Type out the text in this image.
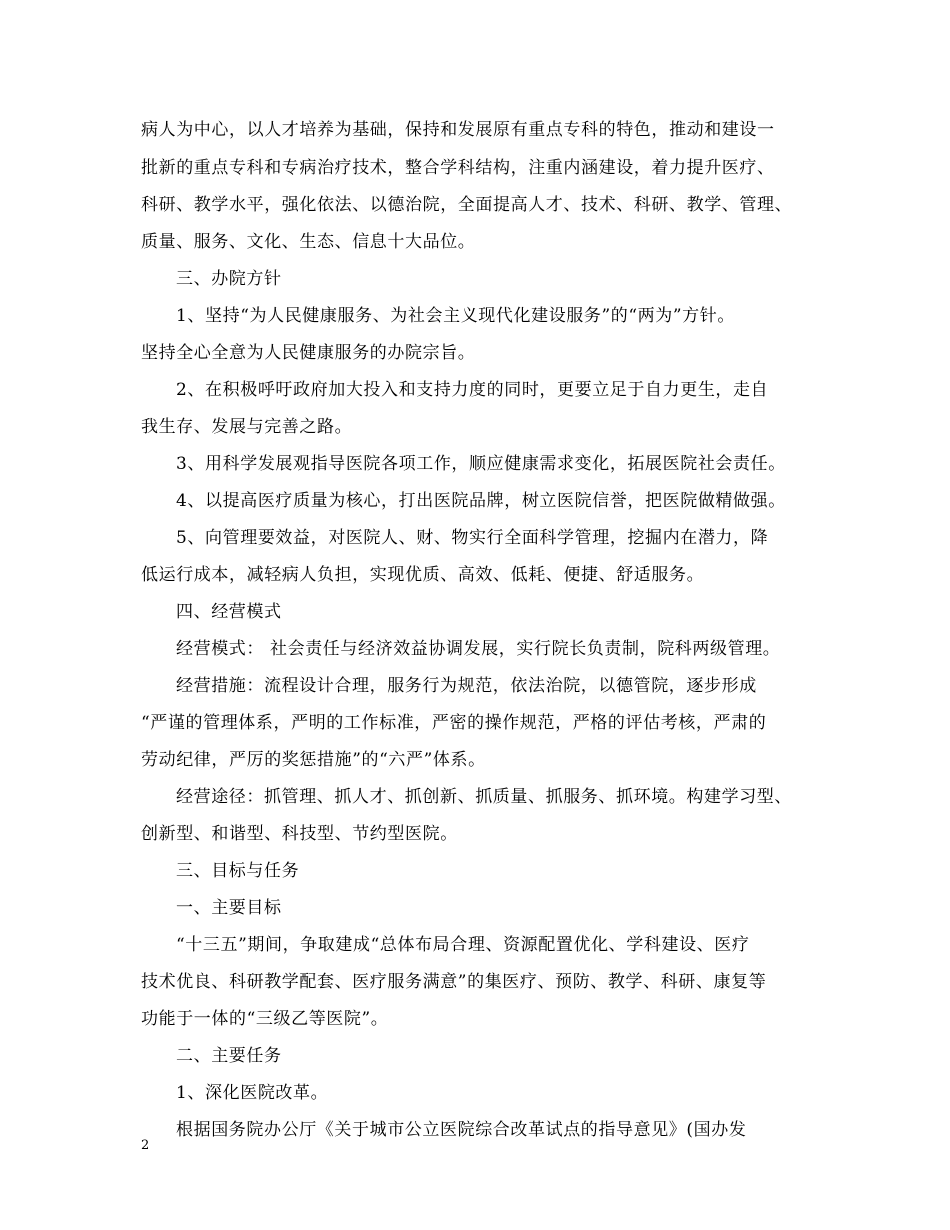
病人为中心，以人才培养为基础，保持和发展原有重点专科的特色，推动和建设一
批新的重点专科和专病治疗技术，整合学科结构，注重内涵建设，着力提升医疗、
科研、教学水平，强化依法、以德治院，全面提高人才、技术、科研、教学、管理、
质量、服务、文化、生态、信息十大品位。
三、办院方针
1、坚持“为人民健康服务、为社会主义现代化建设服务”的“两为”方针。
坚持全心全意为人民健康服务的办院宗旨。
2、在积极呼吁政府加大投入和支持力度的同时，更要立足于自力更生，走自
我生存、发展与完善之路。
3、用科学发展观指导医院各项工作，顺应健康需求变化，拓展医院社会责任。
4、以提高医疗质量为核心，打出医院品牌，树立医院信誉，把医院做精做强。
5、向管理要效益，对医院人、财、物实行全面科学管理，挖掘内在潜力，降
低运行成本，减轻病人负担，实现优质、高效、低耗、便捷、舒适服务。
四、经营模式
经营模式： 社会责任与经济效益协调发展，实行院长负责制，院科两级管理。
经营措施：流程设计合理，服务行为规范，依法治院，以德管院，逐步形成
“严谨的管理体系，严明的工作标准，严密的操作规范，严格的评估考核，严肃的
劳动纪律，严厉的奖惩措施”的“六严”体系。
经营途径：抓管理、抓人才、抓创新、抓质量、抓服务、抓环境。构建学习型、
创新型、和谐型、科技型、节约型医院。
三、目标与任务
一、主要目标
“十三五”期间，争取建成“总体布局合理、资源配置优化、学科建设、医疗
技术优良、科研教学配套、医疗服务满意”的集医疗、预防、教学、科研、康复等
功能于一体的“三级乙等医院”。
二、主要任务
1、深化医院改革。
根据国务院办公厅《关于城市公立医院综合改革试点的指导意见》(国办发
2
